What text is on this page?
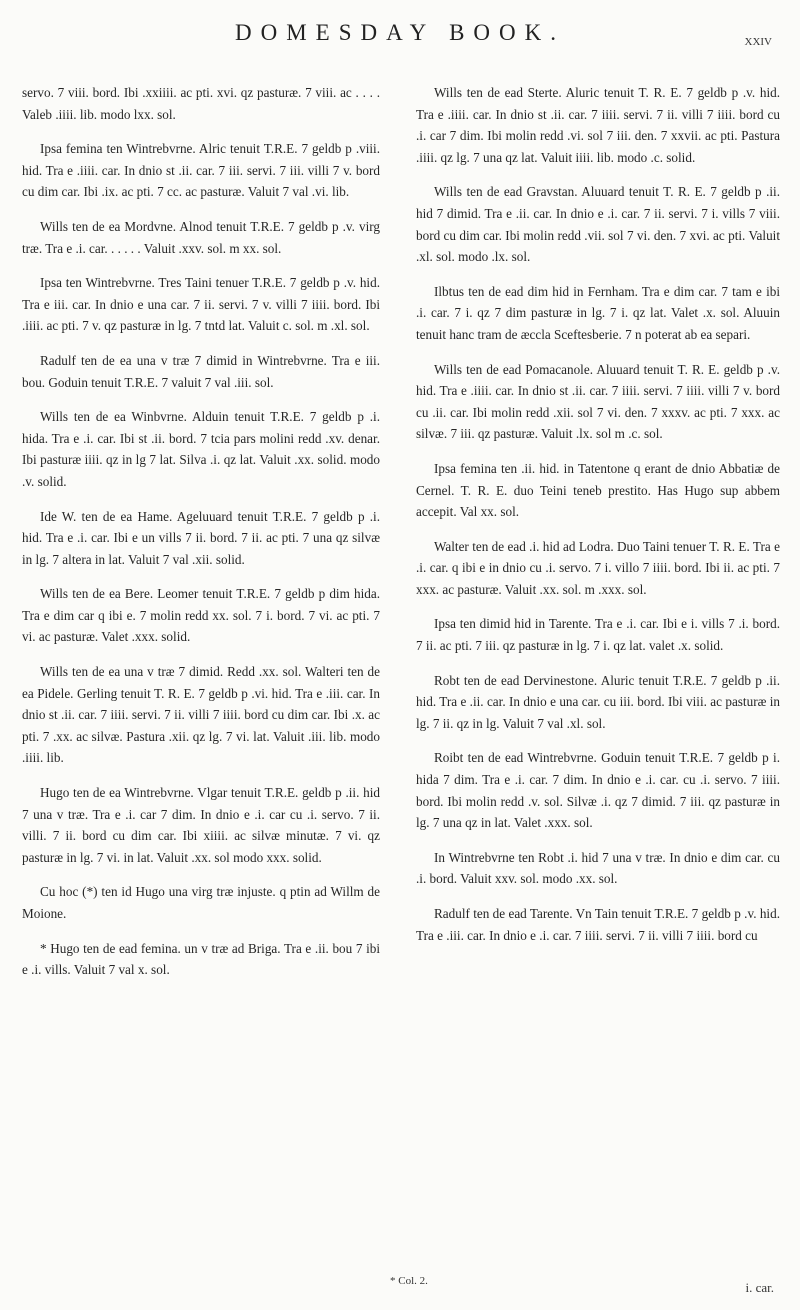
DOMESDAY BOOK.	xxiv

servo. 7 viii. bord. Ibi .xxiiii. ac pti. xvi. qz pasturæ. 7 viii. ac . . . . Valeb .iiii. lib. modo lxx. sol.

Ipsa femina ten Wintrebvrne. Alric tenuit T.R.E. 7 geldb p .viii. hid. Tra e .iiii. car. In dnio st .ii. car. 7 iii. servi. 7 iii. villi 7 v. bord cu dim car. Ibi .ix. ac pti. 7 cc. ac pasturæ. Valuit 7 val .vi. lib.

Wills ten de ea Mordvne. Alnod tenuit T.R.E. 7 geldb p .v. virg træ. Tra e .i. car. . . . . . Valuit .xxv. sol. m xx. sol.

Ipsa ten Wintrebvrne. Tres Taini tenuer T.R.E. 7 geldb p .v. hid. Tra e iii. car. In dnio e una car. 7 ii. servi. 7 v. villi 7 iiii. bord. Ibi .iiii. ac pti. 7 v. qz pasturæ in lg. 7 tntd lat. Valuit c. sol. m .xl. sol.

Radulf ten de ea una v træ 7 dimid in Wintrebvrne. Tra e iii. bou. Goduin tenuit T.R.E. 7 valuit 7 val .iii. sol.

Wills ten de ea Winbvrne. Alduin tenuit T.R.E. 7 geldb p .i. hida. Tra e .i. car. Ibi st .ii. bord. 7 tcia pars molini redd .xv. denar. Ibi pasturæ iiii. qz in lg 7 lat. Silva .i. qz lat. Valuit .xx. solid. modo .v. solid.

Ide W. ten de ea Hame. Ageluuard tenuit T.R.E. 7 geldb p .i. hid. Tra e .i. car. Ibi e un vills 7 ii. bord. 7 ii. ac pti. 7 una qz silvæ in lg. 7 altera in lat. Valuit 7 val .xii. solid.

Wills ten de ea Bere. Leomer tenuit T.R.E. 7 geldb p dim hida. Tra e dim car q ibi e. 7 molin redd xx. sol. 7 i. bord. 7 vi. ac pti. 7 vi. ac pasturæ. Valet .xxx. solid.

Wills ten de ea una v træ 7 dimid. Redd .xx. sol. Walteri ten de ea Pidele. Gerling tenuit T. R. E. 7 geldb p .vi. hid. Tra e .iii. car. In dnio st .ii. car. 7 iiii. servi. 7 ii. villi 7 iiii. bord cu dim car. Ibi .x. ac pti. 7 .xx. ac silvæ. Pastura .xii. qz lg. 7 vi. lat. Valuit .iii. lib. modo .iiii. lib.

Hugo ten de ea Wintrebvrne. Vlgar tenuit T.R.E. geldb p .ii. hid 7 una v træ. Tra e .i. car 7 dim. In dnio e .i. car cu .i. servo. 7 ii. villi. 7 ii. bord cu dim car. Ibi xiiii. ac silvæ minutæ. 7 vi. qz pasturæ in lg. 7 vi. in lat. Valuit .xx. sol modo xxx. solid.

Cu hoc (*) ten id Hugo una virg træ injuste. q ptin ad Willm de Moione.

* Hugo ten de ead femina. un v træ ad Briga. Tra e .ii. bou 7 ibi e .i. vills. Valuit 7 val x. sol.

Wills ten de ead Sterte. Aluric tenuit T. R. E. 7 geldb p .v. hid. Tra e .iiii. car. In dnio st .ii. car. 7 iiii. servi. 7 ii. villi 7 iiii. bord cu .i. car 7 dim. Ibi molin redd .vi. sol 7 iii. den. 7 xxvii. ac pti. Pastura .iiii. qz lg. 7 una qz lat. Valuit iiii. lib. modo .c. solid.

Wills ten de ead Gravstan. Aluuard tenuit T. R. E. 7 geldb p .ii. hid 7 dimid. Tra e .ii. car. In dnio e .i. car. 7 ii. servi. 7 i. vills 7 viii. bord cu dim car. Ibi molin redd .vii. sol 7 vi. den. 7 xvi. ac pti. Valuit .xl. sol. modo .lx. sol.

Ilbtus ten de ead dim hid in Fernham. Tra e dim car. 7 tam e ibi .i. car. 7 i. qz 7 dim pasturæ in lg. 7 i. qz lat. Valet .x. sol. Aluuin tenuit hanc tram de æccla Sceftesberie. 7 n poterat ab ea separi.

Wills ten de ead Pomacanole. Aluuard tenuit T. R. E. geldb p .v. hid. Tra e .iiii. car. In dnio st .ii. car. 7 iiii. servi. 7 iiii. villi 7 v. bord cu .ii. car. Ibi molin redd .xii. sol 7 vi. den. 7 xxxv. ac pti. 7 xxx. ac silvæ. 7 iii. qz pasturæ. Valuit .lx. sol m .c. sol.

Ipsa femina ten .ii. hid. in Tatentone q erant de dnio Abbatiæ de Cernel. T. R. E. duo Teini teneb prestito. Has Hugo sup abbem accepit. Val xx. sol.

Walter ten de ead .i. hid ad Lodra. Duo Taini tenuer T. R. E. Tra e .i. car. q ibi e in dnio cu .i. servo. 7 i. villo 7 iiii. bord. Ibi ii. ac pti. 7 xxx. ac pasturæ. Valuit .xx. sol. m .xxx. sol.

Ipsa ten dimid hid in Tarente. Tra e .i. car. Ibi e i. vills 7 .i. bord. 7 ii. ac pti. 7 iii. qz pasturæ in lg. 7 i. qz lat. valet .x. solid.

Robt ten de ead Dervinestone. Aluric tenuit T.R.E. 7 geldb p .ii. hid. Tra e .ii. car. In dnio e una car. cu iii. bord. Ibi viii. ac pasturæ in lg. 7 ii. qz in lg. Valuit 7 val .xl. sol.

Roibt ten de ead Wintrebvrne. Goduin tenuit T.R.E. 7 geldb p i. hida 7 dim. Tra e .i. car. 7 dim. In dnio e .i. car. cu .i. servo. 7 iiii. bord. Ibi molin redd .v. sol. Silvæ .i. qz 7 dimid. 7 iii. qz pasturæ in lg. 7 una qz in lat. Valet .xxx. sol.

In Wintrebvrne ten Robt .i. hid 7 una v træ. In dnio e dim car. cu .i. bord. Valuit xxv. sol. modo .xx. sol.

Radulf ten de ead Tarente. Vn Tain tenuit T.R.E. 7 geldb p .v. hid. Tra e .iii. car. In dnio e .i. car. 7 iiii. servi. 7 ii. villi 7 iiii. bord cu

* Col. 2.	i. car.
